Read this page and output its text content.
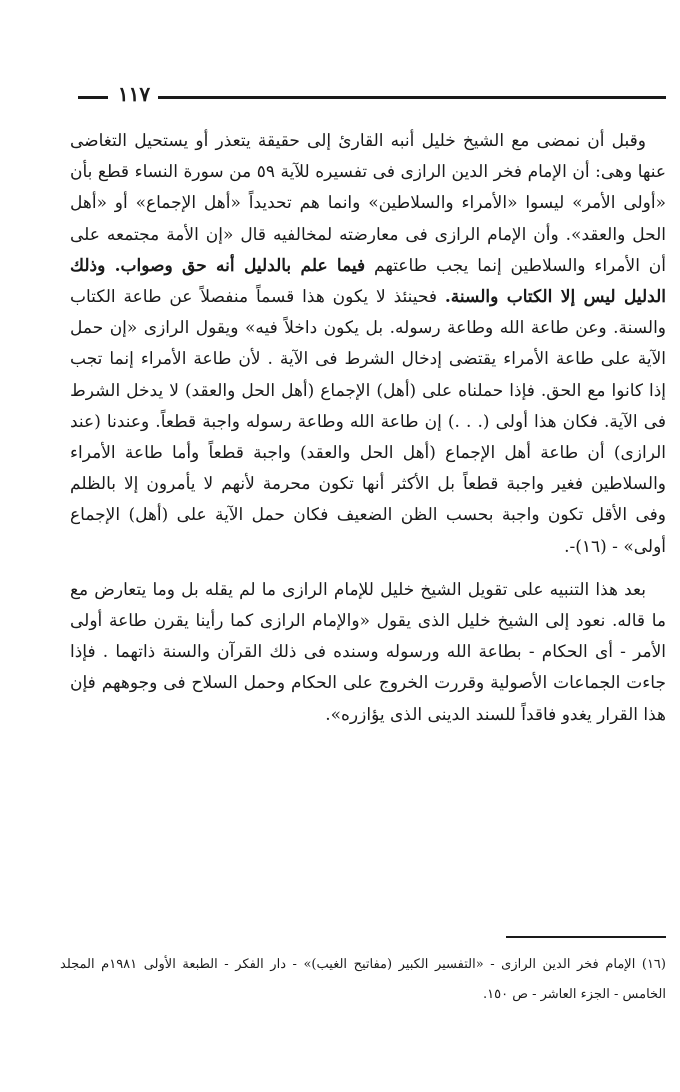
١١٧

وقبل أن نمضى مع الشيخ خليل أنبه القارئ إلى حقيقة يتعذر أو يستحيل التغاضى عنها وهى: أن الإمام فخر الدين الرازى فى تفسيره للآية ٥٩ من سورة النساء قطع بأن «أولى الأمر» ليسوا «الأمراء والسلاطين» وانما هم تحديداً «أهل الإجماع» أو «أهل الحل والعقد». وأن الإمام الرازى فى معارضته لمخالفيه قال «إن الأمة مجتمعه على أن الأمراء والسلاطين إنما يجب طاعتهم فيما علم بالدليل أنه حق وصواب. وذلك الدليل ليس إلا الكتاب والسنة. فحينئذ لا يكون هذا قسماً منفصلاً عن طاعة الكتاب والسنة. وعن طاعة الله وطاعة رسوله. بل يكون داخلاً فيه» ويقول الرازى «إن حمل الآية على طاعة الأمراء يقتضى إدخال الشرط فى الآية . لأن طاعة الأمراء إنما تجب إذا كانوا مع الحق. فإذا حملناه على (أهل) الإجماع (أهل الحل والعقد) لا يدخل الشرط فى الآية. فكان هذا أولى (. . .) إن طاعة الله وطاعة رسوله واجبة قطعاً. وعندنا (عند الرازى) أن طاعة أهل الإجماع (أهل الحل والعقد) واجبة قطعاً وأما طاعة الأمراء والسلاطين فغير واجبة قطعاً بل الأكثر أنها تكون محرمة لأنهم لا يأمرون إلا بالظلم وفى الأقل تكون واجبة بحسب الظن الضعيف فكان حمل الآية على (أهل) الإجماع أولى» - (١٦)-.

بعد هذا التنبيه على تقويل الشيخ خليل للإمام الرازى ما لم يقله بل وما يتعارض مع ما قاله. نعود إلى الشيخ خليل الذى يقول «والإمام الرازى كما رأينا يقرن طاعة أولى الأمر - أى الحكام - بطاعة الله ورسوله وسنده فى ذلك القرآن والسنة ذاتهما . فإذا جاءت الجماعات الأصولية وقررت الخروج على الحكام وحمل السلاح فى وجوههم فإن هذا القرار يغدو فاقداً للسند الدينى الذى يؤازره».

(١٦) الإمام فخر الدين الرازى - «التفسير الكبير (مفاتيح الغيب)» - دار الفكر - الطبعة الأولى ١٩٨١م المجلد الخامس - الجزء العاشر - ص ١٥٠.
